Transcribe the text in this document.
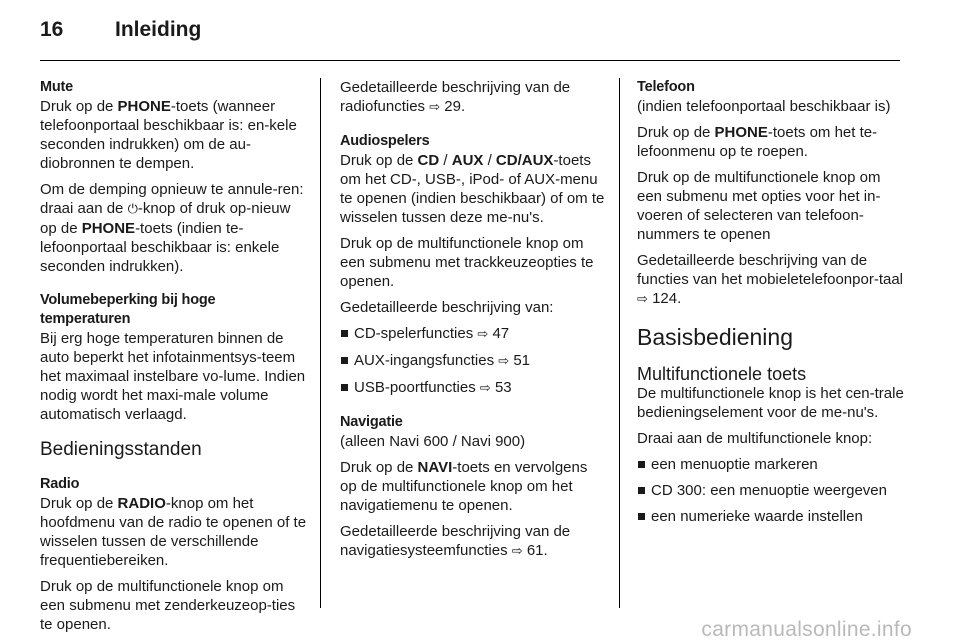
16 Inleiding
Mute

Druk op de PHONE-toets (wanneer telefoonportaal beschikbaar is: en-kele seconden indrukken) om de au-diobronnen te dempen.

Om de demping opnieuw te annule-ren: draai aan de ⏻-knop of druk op-nieuw op de PHONE-toets (indien te-lefoonportaal beschikbaar is: enkele seconden indrukken).

Volumebeperking bij hoge temperaturen

Bij erg hoge temperaturen binnen de auto beperkt het infotainmentsys-teem het maximaal instelbare vo-lume. Indien nodig wordt het maxi-male volume automatisch verlaagd.

Bedieningsstanden
Radio

Druk op de RADIO-knop om het hoofdmenu van de radio te openen of te wisselen tussen de verschillende frequentiebereiken.

Druk op de multifunctionele knop om een submenu met zenderkeuzeop-ties te openen.

Gedetailleerde beschrijving van de radiofuncties ⇨ 29.

Audiospelers

Druk op de CD / AUX / CD/AUX-toets om het CD-, USB-, iPod- of AUX-menu te openen (indien beschikbaar) of om te wisselen tussen deze me-nu's.

Druk op de multifunctionele knop om een submenu met trackkeuzeopties te openen.

Gedetailleerde beschrijving van:

CD-spelerfuncties ⇨ 47
AUX-ingangsfuncties ⇨ 51
USB-poortfuncties ⇨ 53
Navigatie

(alleen Navi 600 / Navi 900)

Druk op de NAVI-toets en vervolgens op de multifunctionele knop om het navigatiemenu te openen.

Gedetailleerde beschrijving van de navigatiesysteemfuncties ⇨ 61.

Telefoon

(indien telefoonportaal beschikbaar is)

Druk op de PHONE-toets om het te-lefoonmenu op te roepen.

Druk op de multifunctionele knop om een submenu met opties voor het in-voeren of selecteren van telefoon-nummers te openen

Gedetailleerde beschrijving van de functies van het mobieletelefoonpor-taal ⇨ 124.

Basisbediening
Multifunctionele toets

De multifunctionele knop is het cen-trale bedieningselement voor de me-nu's.

Draai aan de multifunctionele knop:

een menuoptie markeren
CD 300: een menuoptie weergeven
een numerieke waarde instellen
carmanualsonline.info
